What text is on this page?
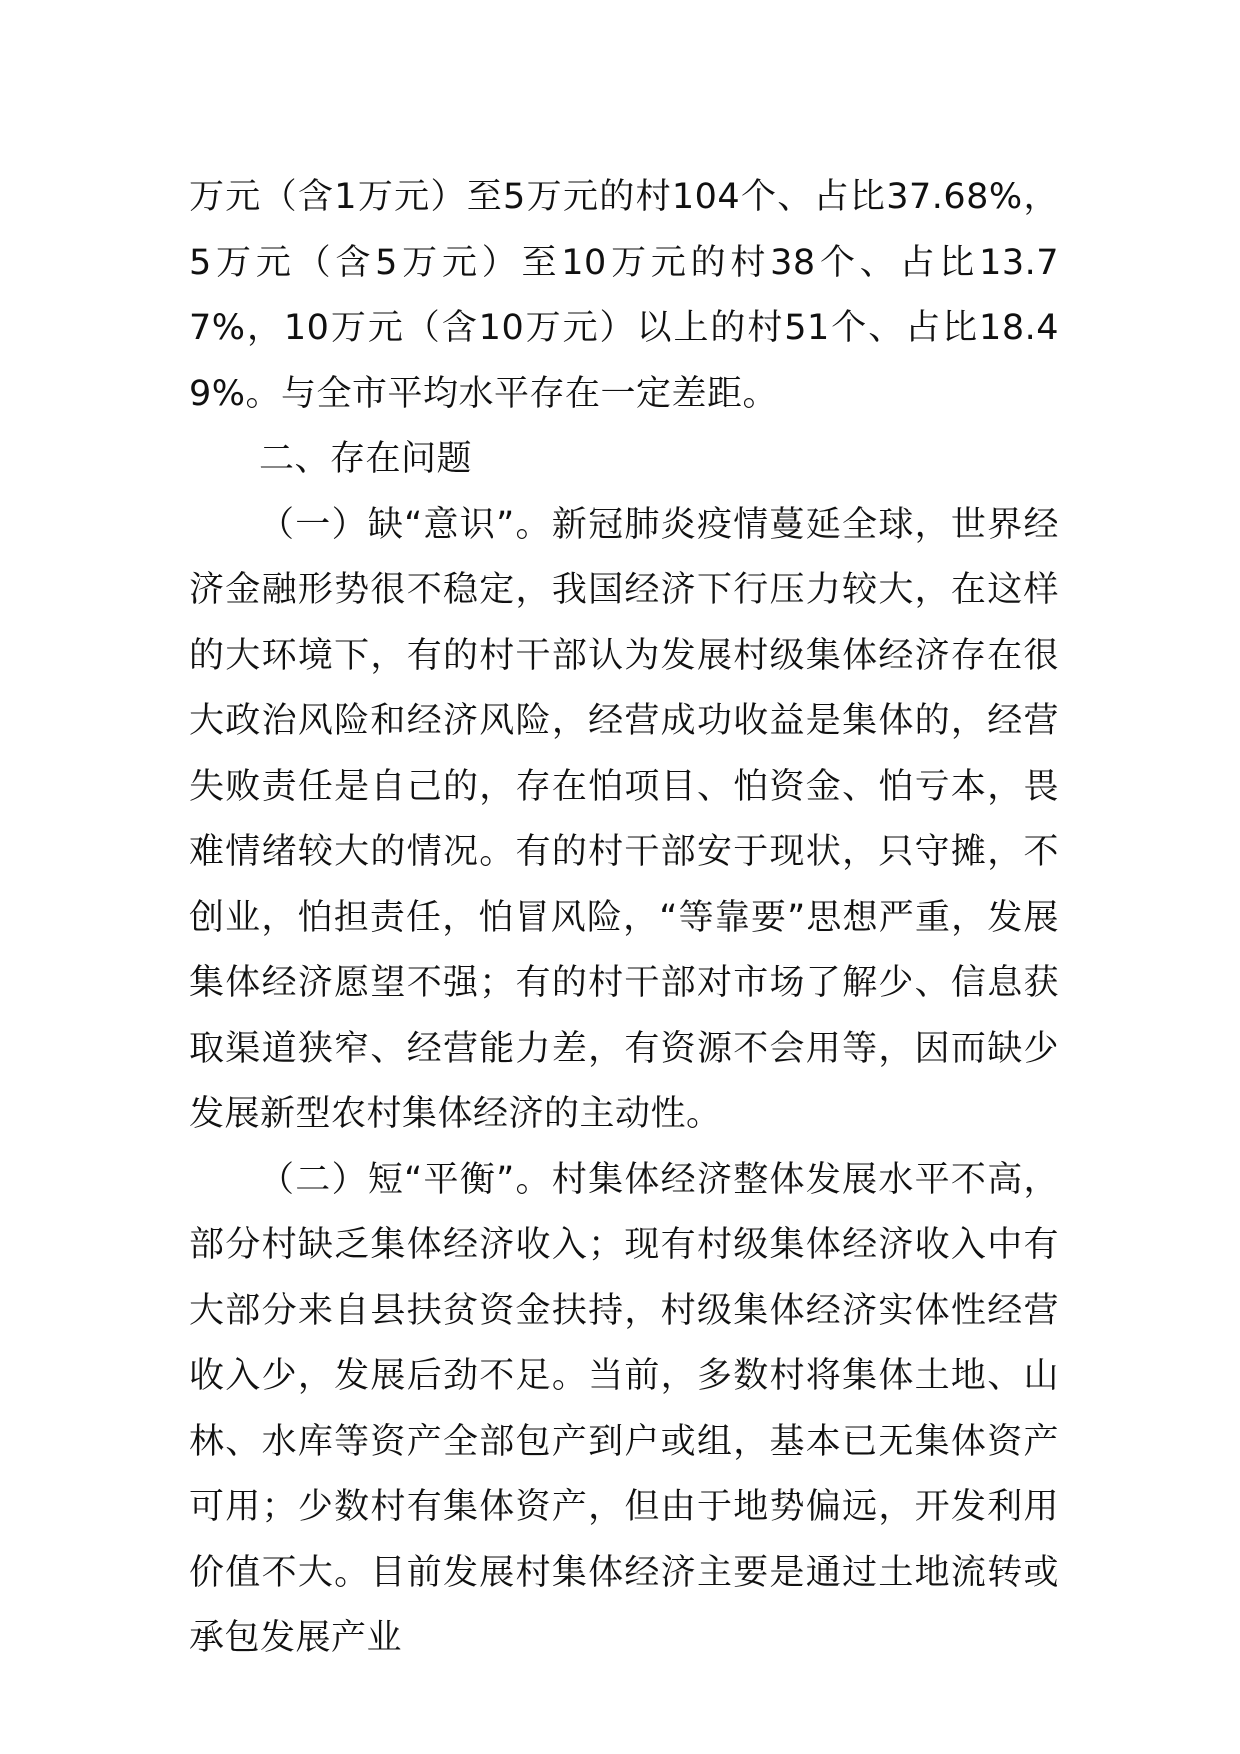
万元（含1万元）至5万元的村104个、占比37.68%，5万元（含5万元）至10万元的村38个、占比13.77%，10万元（含10万元）以上的村51个、占比18.49%。与全市平均水平存在一定差距。

二、存在问题

（一）缺“意识”。新冠肺炎疫情蔓延全球，世界经济金融形势很不稳定，我国经济下行压力较大，在这样的大环境下，有的村干部认为发展村级集体经济存在很大政治风险和经济风险，经营成功收益是集体的，经营失败责任是自己的，存在怕项目、怕资金、怕亏本，畏难情绪较大的情况。有的村干部安于现状，只守摊，不创业，怕担责任，怕冒风险，“等靠要”思想严重，发展集体经济愿望不强；有的村干部对市场了解少、信息获取渠道狭窄、经营能力差，有资源不会用等，因而缺少发展新型农村集体经济的主动性。

（二）短“平衡”。村集体经济整体发展水平不高，部分村缺乏集体经济收入；现有村级集体经济收入中有大部分来自县扶贫资金扶持，村级集体经济实体性经营收入少，发展后劲不足。当前，多数村将集体土地、山林、水库等资产全部包产到户或组，基本已无集体资产可用；少数村有集体资产，但由于地势偏远，开发利用价值不大。目前发展村集体经济主要是通过土地流转或承包发展产业
